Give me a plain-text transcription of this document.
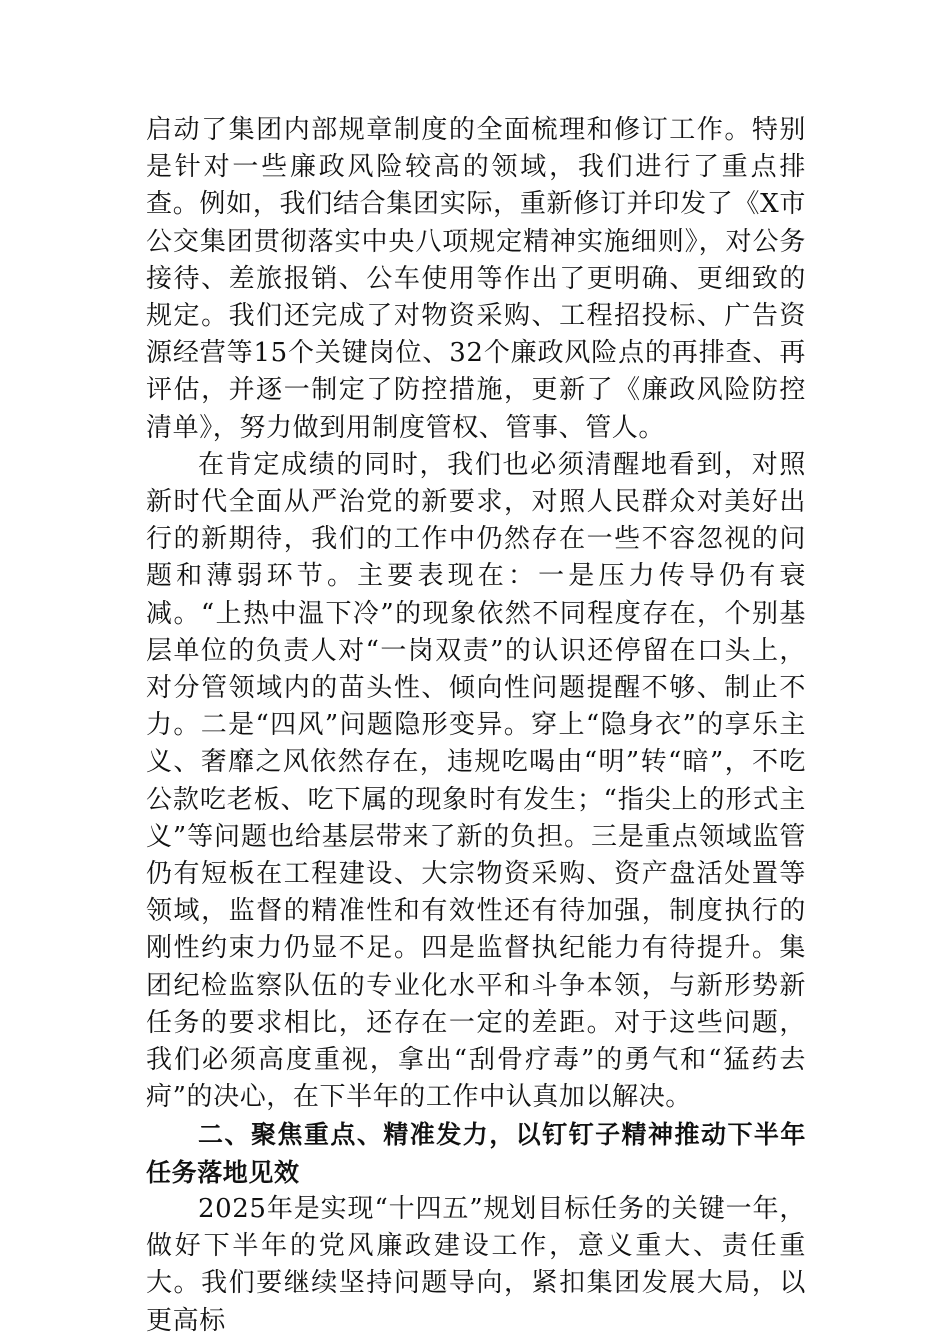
启动了集团内部规章制度的全面梳理和修订工作。特别是针对一些廉政风险较高的领域，我们进行了重点排查。例如，我们结合集团实际，重新修订并印发了《X市公交集团贯彻落实中央八项规定精神实施细则》，对公务接待、差旅报销、公车使用等作出了更明确、更细致的规定。我们还完成了对物资采购、工程招投标、广告资源经营等15个关键岗位、32个廉政风险点的再排查、再评估，并逐一制定了防控措施，更新了《廉政风险防控清单》，努力做到用制度管权、管事、管人。

在肯定成绩的同时，我们也必须清醒地看到，对照新时代全面从严治党的新要求，对照人民群众对美好出行的新期待，我们的工作中仍然存在一些不容忽视的问题和薄弱环节。主要表现在：一是压力传导仍有衰减。“上热中温下冷”的现象依然不同程度存在，个别基层单位的负责人对“一岗双责”的认识还停留在口头上，对分管领域内的苗头性、倾向性问题提醒不够、制止不力。二是“四风”问题隐形变异。穿上“隐身衣”的享乐主义、奢靡之风依然存在，违规吃喝由“明”转“暗”，不吃公款吃老板、吃下属的现象时有发生；“指尖上的形式主义”等问题也给基层带来了新的负担。三是重点领域监管仍有短板在工程建设、大宗物资采购、资产盘活处置等领域，监督的精准性和有效性还有待加强，制度执行的刚性约束力仍显不足。四是监督执纪能力有待提升。集团纪检监察队伍的专业化水平和斗争本领，与新形势新任务的要求相比，还存在一定的差距。对于这些问题，我们必须高度重视，拿出“刮骨疗毒”的勇气和“猛药去疴”的决心，在下半年的工作中认真加以解决。

二、聚焦重点、精准发力，以钉钉子精神推动下半年任务落地见效

2025年是实现“十四五”规划目标任务的关键一年，做好下半年的党风廉政建设工作，意义重大、责任重大。我们要继续坚持问题导向，紧扣集团发展大局，以更高标
